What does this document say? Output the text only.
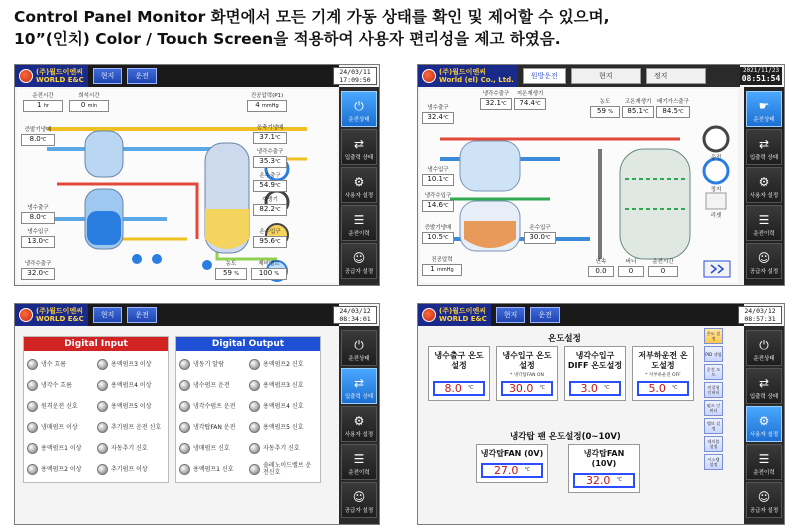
Control Panel Monitor 화면에서 모든 기계 가동 상태를 확인 및 제어할 수 있으며,
10”(인치) Color / Touch Screen을 적용하여 사용자 편리성을 제고 하였음.
(주)월드이엔씨
WORLD E&C	현지	운전	24/03/11
17:09:50
⏻
운전상태
⇄
입출력 상태
⚙
사용자 설정
☰
운전이력
☺
공급자 설정
운전시간
1 hr
희석시간
0 min
진공압력(P1)
4 mmHg
증발기냉매
8.0℃
냉수출구
8.0℃
냉수입구
13.0℃
냉각수출구
32.0℃
응축기냉매
37.1℃
냉각수출구
35.3℃
온수출구
54.9℃
재생기
82.2℃
온수입구
95.6℃
농도
59 %
제어밸브
100 %
(주)월드이엔씨
World (el) Co., Ltd.	원방운전	현지	정지
2021/11/23
08:51:54
☛
운전상태
⇄
입출력 상태
⚙
사용자 설정
☰
운전이력
☺
공급자 설정
냉각수출구
32.1℃
저온재생기
74.4℃
냉수출구
32.4℃
농도
59 %
고온재생기
85.1℃
배기가스출구
84.5℃
냉수입구
10.1℃
냉각수입구
14.6℃
증발기냉매
10.5℃
온수입구
30.0℃
진공압력
1 mmHg
연속
0.0
버너
0
운전시간
0
운전
정지
리셋
(주)월드이엔씨
WORLD E&C	현지	운전	24/03/12
08:34:01
⏻
운전상태
⇄
입출력 상태
⚙
사용자 설정
☰
운전이력
☺
공급자 설정
Digital Input
냉수 흐름	용액펌프3 이상
냉각수 흐름	용액펌프4 이상
원격운전 신호	용액펌프5 이상
냉매펌프 이상	추기펌프 운전 신호
용액펌프1 이상	자동추기 신호
용액펌프2 이상	추기펌프 이상
Digital Output
냉동기 알람	용액펌프2 신호
냉수펌프 운전	용액펌프3 신호
냉각수펌프 운전	용액펌프4 신호
냉각탑FAN 운전	용액펌프5 신호
냉매펌프 신호	자동추기 신호
용액펌프1 신호	솔레노이드밸브 운전신호
(주)월드이엔씨
WORLD E&C	현지	운전	24/03/12
08:57:31
⏻
운전상태
⇄
입출력 상태
⚙
사용자 설정
☰
운전이력
☺
공급자 설정
온도설정
냉수출구 온도설정
8.0 ℃
냉수입구 온도설정
* 냉각탑FAN ON
30.0 ℃
냉각수입구 DIFF 온도설정
3.0 ℃
저부하운전 온도설정
* 저부하운전 OFF
5.0 ℃
냉각탑 팬 온도설정(0~10V)
냉각탑FAN (0V)
27.0 ℃
냉각탑FAN (10V)
32.0 ℃
온도 설정
PID 셋업
운전 모드
연결형 인버터
펌프 인버터
밸브 설정
테이블 설정
시스템 설정
